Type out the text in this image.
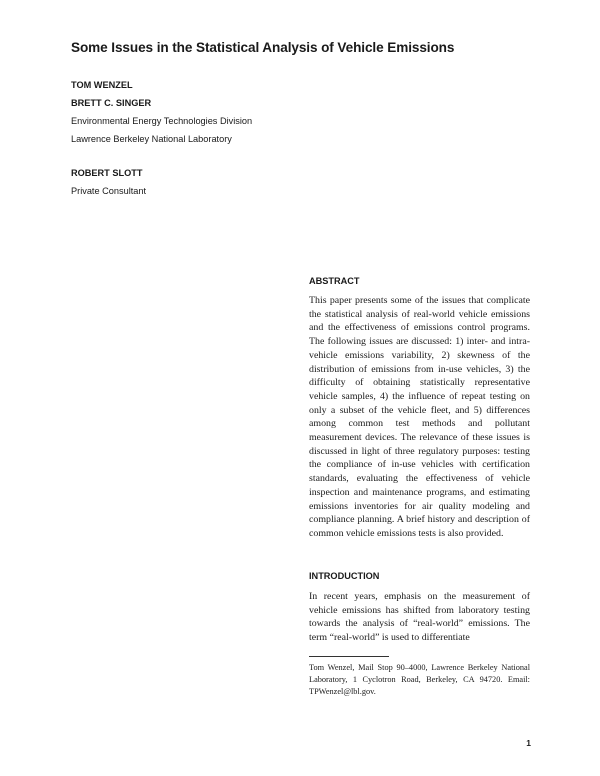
Some Issues in the Statistical Analysis of Vehicle Emissions

TOM WENZEL

BRETT C. SINGER

Environmental Energy Technologies Division

Lawrence Berkeley National Laboratory

ROBERT SLOTT

Private Consultant

ABSTRACT

This paper presents some of the issues that complicate the statistical analysis of real-world vehicle emissions and the effectiveness of emissions control programs. The following issues are discussed: 1) inter- and intra-vehicle emissions variability, 2) skewness of the distribution of emissions from in-use vehicles, 3) the difficulty of obtaining statistically representative vehicle samples, 4) the influence of repeat testing on only a subset of the vehicle fleet, and 5) differences among common test methods and pollutant measurement devices. The relevance of these issues is discussed in light of three regulatory purposes: testing the compliance of in-use vehicles with certification standards, evaluating the effectiveness of vehicle inspection and maintenance programs, and estimating emissions inventories for air quality modeling and compliance planning. A brief history and description of common vehicle emissions tests is also provided.

INTRODUCTION

In recent years, emphasis on the measurement of vehicle emissions has shifted from laboratory testing towards the analysis of “real-world” emissions. The term “real-world” is used to differentiate

Tom Wenzel, Mail Stop 90–4000, Lawrence Berkeley National Laboratory, 1 Cyclotron Road, Berkeley, CA 94720. Email: TPWenzel@lbl.gov.

1
